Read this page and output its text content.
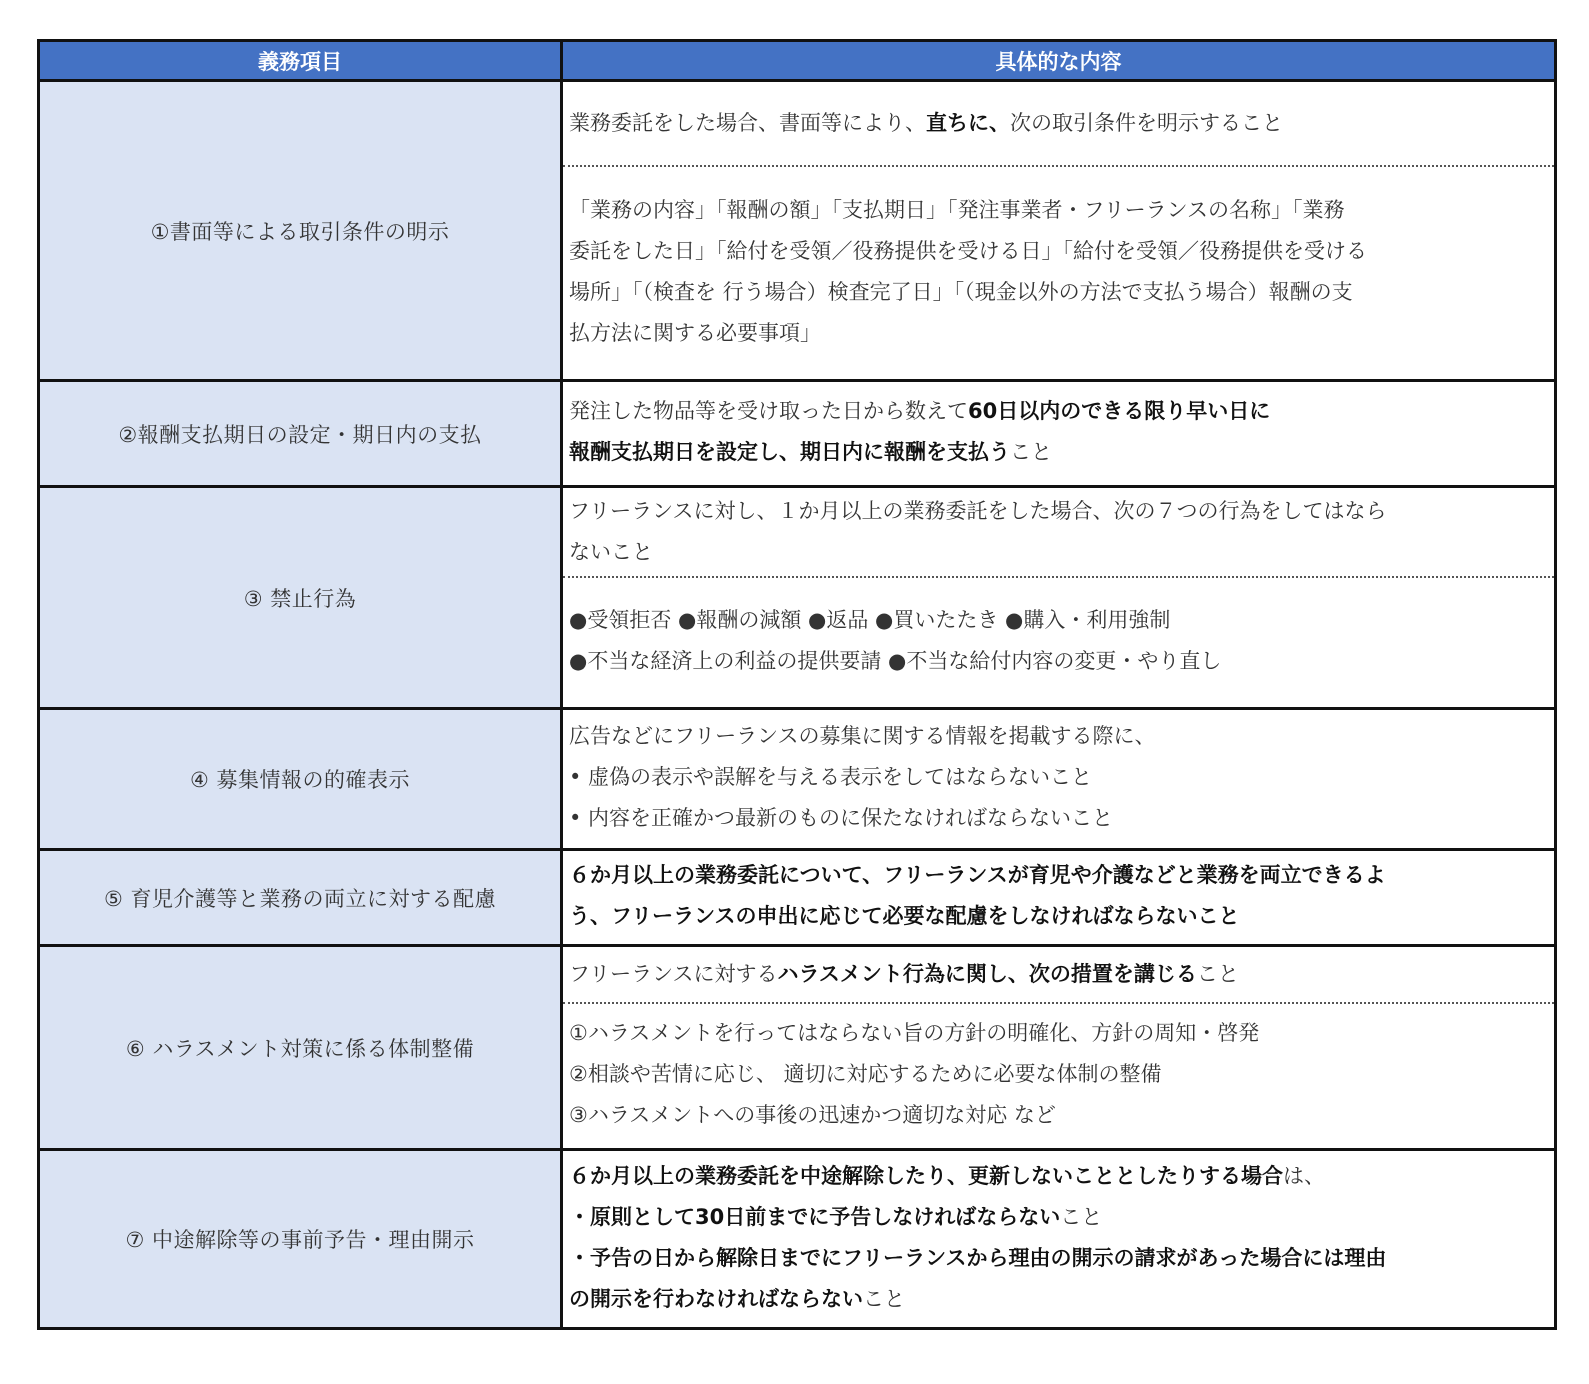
義務項目	具体的な内容
①書面等による取引条件の明示	業務委託をした場合、書面等により、直ちに、次の取引条件を明示すること
「業務の内容」「報酬の額」「支払期日」「発注事業者・フリーランスの名称」「業務
委託をした日」「給付を受領／役務提供を受ける日」「給付を受領／役務提供を受ける
場所」「（検査を 行う場合）検査完了日」「（現金以外の方法で支払う場合）報酬の支
払方法に関する必要事項」

②報酬支払期日の設定・期日内の支払	発注した物品等を受け取った日から数えて60日以内のできる限り早い日に
報酬支払期日を設定し、期日内に報酬を支払うこと

③ 禁止行為	フリーランスに対し、１か月以上の業務委託をした場合、次の７つの行為をしてはなら
ないこと
●受領拒否 ●報酬の減額 ●返品 ●買いたたき ●購入・利用強制
●不当な経済上の利益の提供要請 ●不当な給付内容の変更・やり直し

④ 募集情報の的確表示	広告などにフリーランスの募集に関する情報を掲載する際に、
• 虚偽の表示や誤解を与える表示をしてはならないこと
• 内容を正確かつ最新のものに保たなければならないこと

⑤ 育児介護等と業務の両立に対する配慮	６か月以上の業務委託について、フリーランスが育児や介護などと業務を両立できるよ
う、フリーランスの申出に応じて必要な配慮をしなければならないこと

⑥ ハラスメント対策に係る体制整備	フリーランスに対するハラスメント行為に関し、次の措置を講じること
①ハラスメントを行ってはならない旨の方針の明確化、方針の周知・啓発
②相談や苦情に応じ、 適切に対応するために必要な体制の整備
③ハラスメントへの事後の迅速かつ適切な対応 など

⑦ 中途解除等の事前予告・理由開示	６か月以上の業務委託を中途解除したり、更新しないこととしたりする場合は、
・原則として30日前までに予告しなければならないこと
・予告の日から解除日までにフリーランスから理由の開示の請求があった場合には理由
の開示を行わなければならないこと
